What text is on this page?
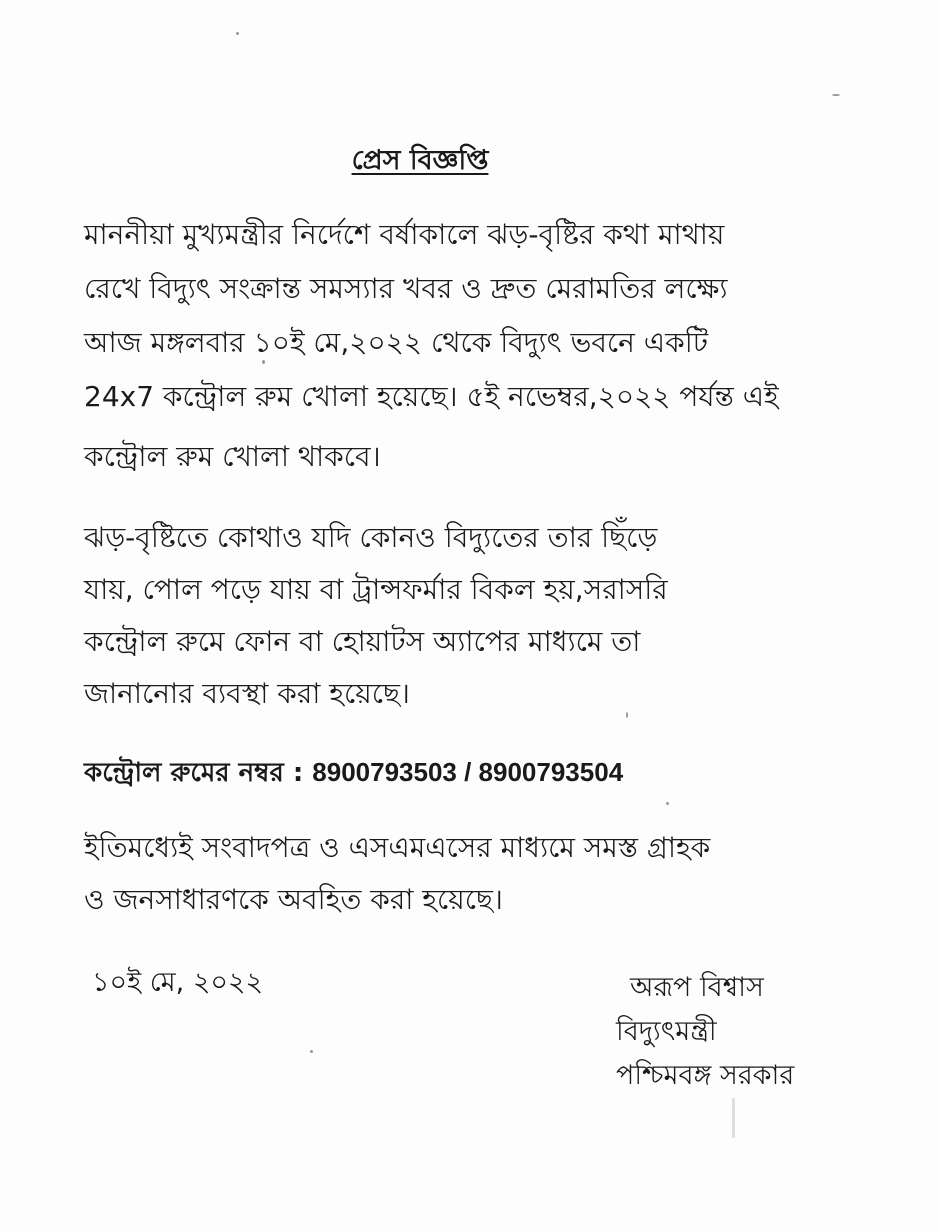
প্রেস বিজ্ঞপ্তি

মাননীয়া মুখ্যমন্ত্রীর নির্দেশে বর্ষাকালে ঝড়-বৃষ্টির কথা মাথায়
রেখে বিদ্যুৎ সংক্রান্ত সমস্যার খবর ও দ্রুত মেরামতির লক্ষ্যে
আজ মঙ্গলবার ১০ই মে,২০২২ থেকে বিদ্যুৎ ভবনে একটি
24x7 কন্ট্রোল রুম খোলা হয়েছে। ৫ই নভেম্বর,২০২২ পর্যন্ত এই
কন্ট্রোল রুম খোলা থাকবে।

ঝড়-বৃষ্টিতে কোথাও যদি কোনও বিদ্যুতের তার ছিঁড়ে
যায়, পোল পড়ে যায় বা ট্রান্সফর্মার বিকল হয়,সরাসরি
কন্ট্রোল রুমে ফোন বা হোয়াটস অ্যাপের মাধ্যমে তা
জানানোর ব্যবস্থা করা হয়েছে।

কন্ট্রোল রুমের নম্বর : 8900793503 / 8900793504

ইতিমধ্যেই সংবাদপত্র ও এসএমএসের মাধ্যমে সমস্ত গ্রাহক
ও জনসাধারণকে অবহিত করা হয়েছে।

১০ই মে, ২০২২	অরূপ বিশ্বাস
বিদ্যুৎমন্ত্রী
পশ্চিমবঙ্গ সরকার
